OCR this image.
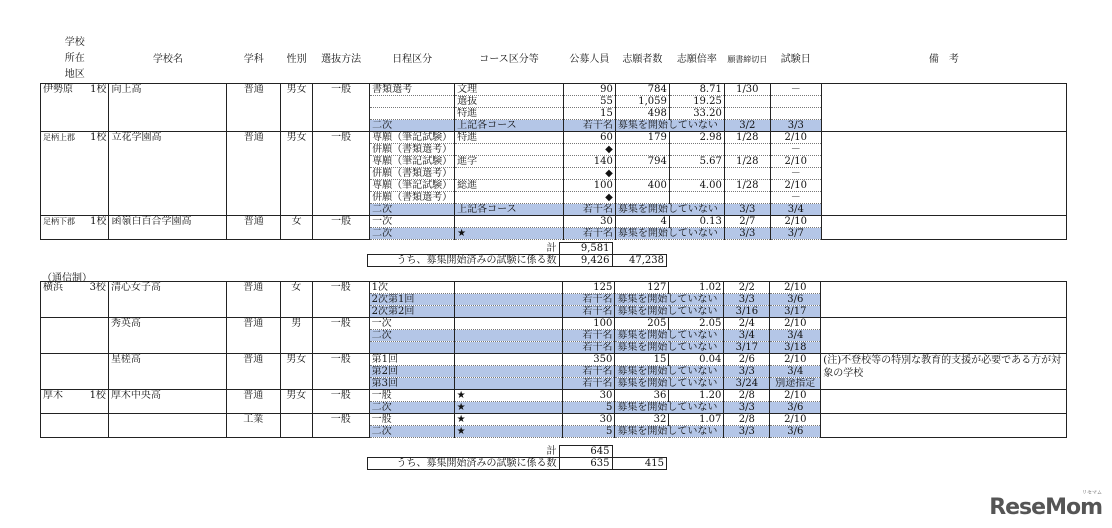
学校
所在
地区		学校名	学科	性別	選抜方法	日程区分	コース区分等	公募人員	志願者数	志願倍率	願書締切日	試験日	備　考
伊勢原	1校	向上高	普通	男女	一般	書類選考	文理	90	784	8.71	1/30	－	
							選抜	55	1,059	19.25			
							特進	15	498	33.20			
						二次	上記各コース	若干名	募集を開始していない		3/2	3/3	
足柄上郡	1校	立花学園高	普通	男女	一般	専願（筆記試験）	特進	60	179	2.98	1/28	2/10	
						併願（書類選考）		◆				－	
						専願（筆記試験）	進学	140	794	5.67	1/28	2/10	
						併願（書類選考）		◆				－	
						専願（筆記試験）	総進	100	400	4.00	1/28	2/10	
						併願（書類選考）		◆				－	
						二次	上記各コース	若干名	募集を開始していない		3/3	3/4	
足柄下郡	1校	函嶺白百合学園高	普通	女	一般	一次		30	4	0.13	2/7	2/10	
						二次	★	若干名	募集を開始していない		3/3	3/7	
計	9,581	
うち、募集開始済みの試験に係る数	9,426	47,238
（通信制）
横浜	3校	清心女子高	普通	女	一般	1次		125	127	1.02	2/2	2/10	
						2次第1回		若干名	募集を開始していない		3/3	3/6	
						2次第2回		若干名	募集を開始していない		3/16	3/17	
		秀英高	普通	男	一般	一次		100	205	2.05	2/4	2/10	
						二次		若干名	募集を開始していない		3/4	3/4	
								若干名	募集を開始していない		3/17	3/18	
		星槎高	普通	男女	一般	第1回		350	15	0.04	2/6	2/10	(注)不登校等の特別な教育的支援が必要である方が対象の学校
						第2回		若干名	募集を開始していない		3/3	3/4	
						第3回		若干名	募集を開始していない		3/24	別途指定	
厚木	1校	厚木中央高	普通	男女	一般	一般	★	30	36	1.20	2/8	2/10	
						二次	★	5	募集を開始していない		3/3	3/6	
			工業		一般	一般	★	30	32	1.07	2/8	2/10	
						二次	★	5	募集を開始していない		3/3	3/6	
計	645	
うち、募集開始済みの試験に係る数	635	415
ReseMom
リセマム
